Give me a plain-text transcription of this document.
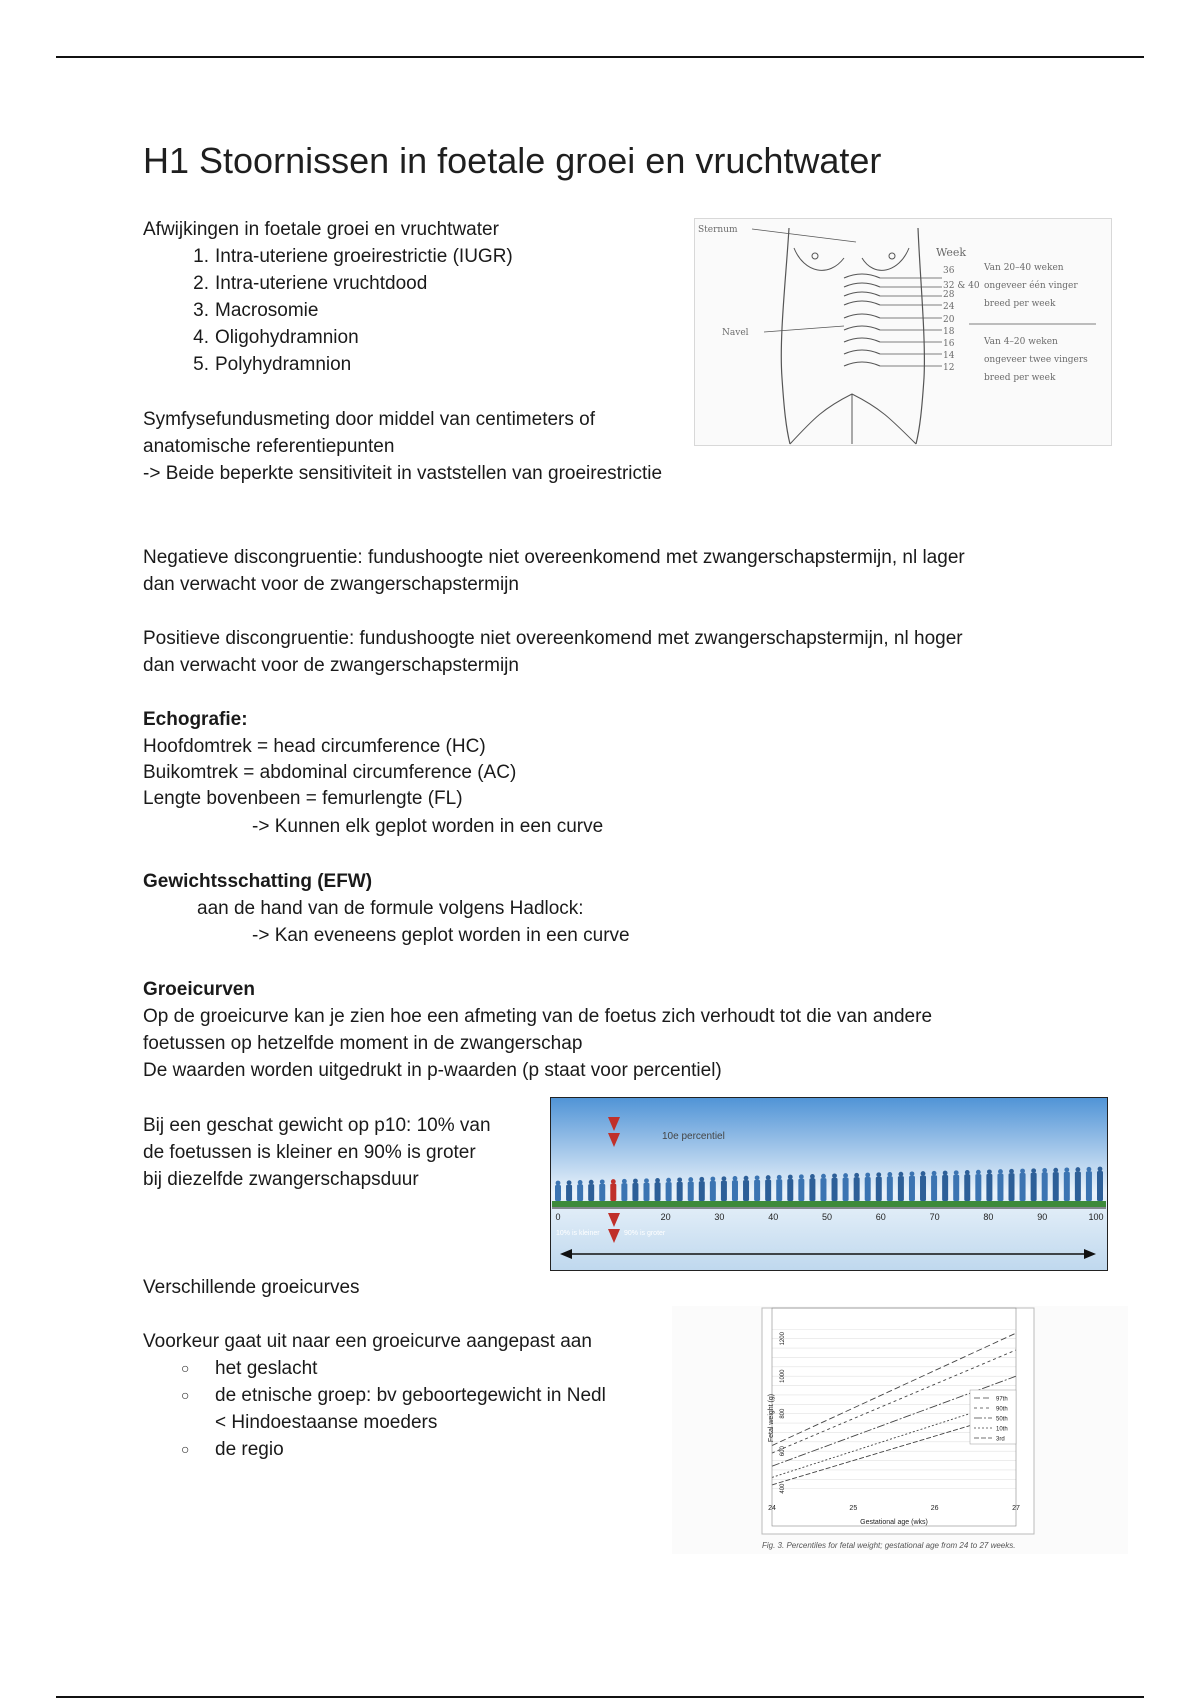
H1 Stoornissen in foetale groei en vruchtwater
Afwijkingen in foetale groei en vruchtwater
1. Intra-uteriene groeirestrictie (IUGR)
2. Intra-uteriene vruchtdood
3. Macrosomie
4. Oligohydramnion
5. Polyhydramnion
Symfysefundusmeting door middel van centimeters of
anatomische referentiepunten
-> Beide beperkte sensitiviteit in vaststellen van groeirestrictie
Sternum
Navel
Week
36
32 & 40
28
24
20
18
16
14
12
Van 20–40 weken
ongeveer één vinger
breed per week
Van 4–20 weken
ongeveer twee vingers
breed per week
Negatieve discongruentie: fundushoogte niet overeenkomend met zwangerschapstermijn, nl lager
dan verwacht voor de zwangerschapstermijn
Positieve discongruentie: fundushoogte niet overeenkomend met zwangerschapstermijn, nl hoger
dan verwacht voor de zwangerschapstermijn
Echografie:
Hoofdomtrek = head circumference (HC)
Buikomtrek = abdominal circumference (AC)
Lengte bovenbeen = femurlengte (FL)
-> Kunnen elk geplot worden in een curve
Gewichtsschatting (EFW)
aan de hand van de formule volgens Hadlock:
-> Kan eveneens geplot worden in een curve
Groeicurven
Op de groeicurve kan je zien hoe een afmeting van de foetus zich verhoudt tot die van andere
foetussen op hetzelfde moment in de zwangerschap
De waarden worden uitgedrukt in p-waarden (p staat voor percentiel)
Bij een geschat gewicht op p10: 10% van
de foetussen is kleiner en 90% is groter
bij diezelfde zwangerschapsduur
10e percentiel
0	20	30	40	50	60	70	80	90	100
10% is kleiner	90% is groter
Verschillende groeicurves
Voorkeur gaat uit naar een groeicurve aangepast aan
○ het geslacht
○ de etnische groep: bv geboortegewicht in Nedl
< Hindoestaanse moeders
○ de regio
400
600
800
1000
1200
24	25	26	27
97th
90th
50th
10th
3rd
Gestational age (wks)
Fetal weight (g)
Fig. 3. Percentiles for fetal weight; gestational age from 24 to 27 weeks.
